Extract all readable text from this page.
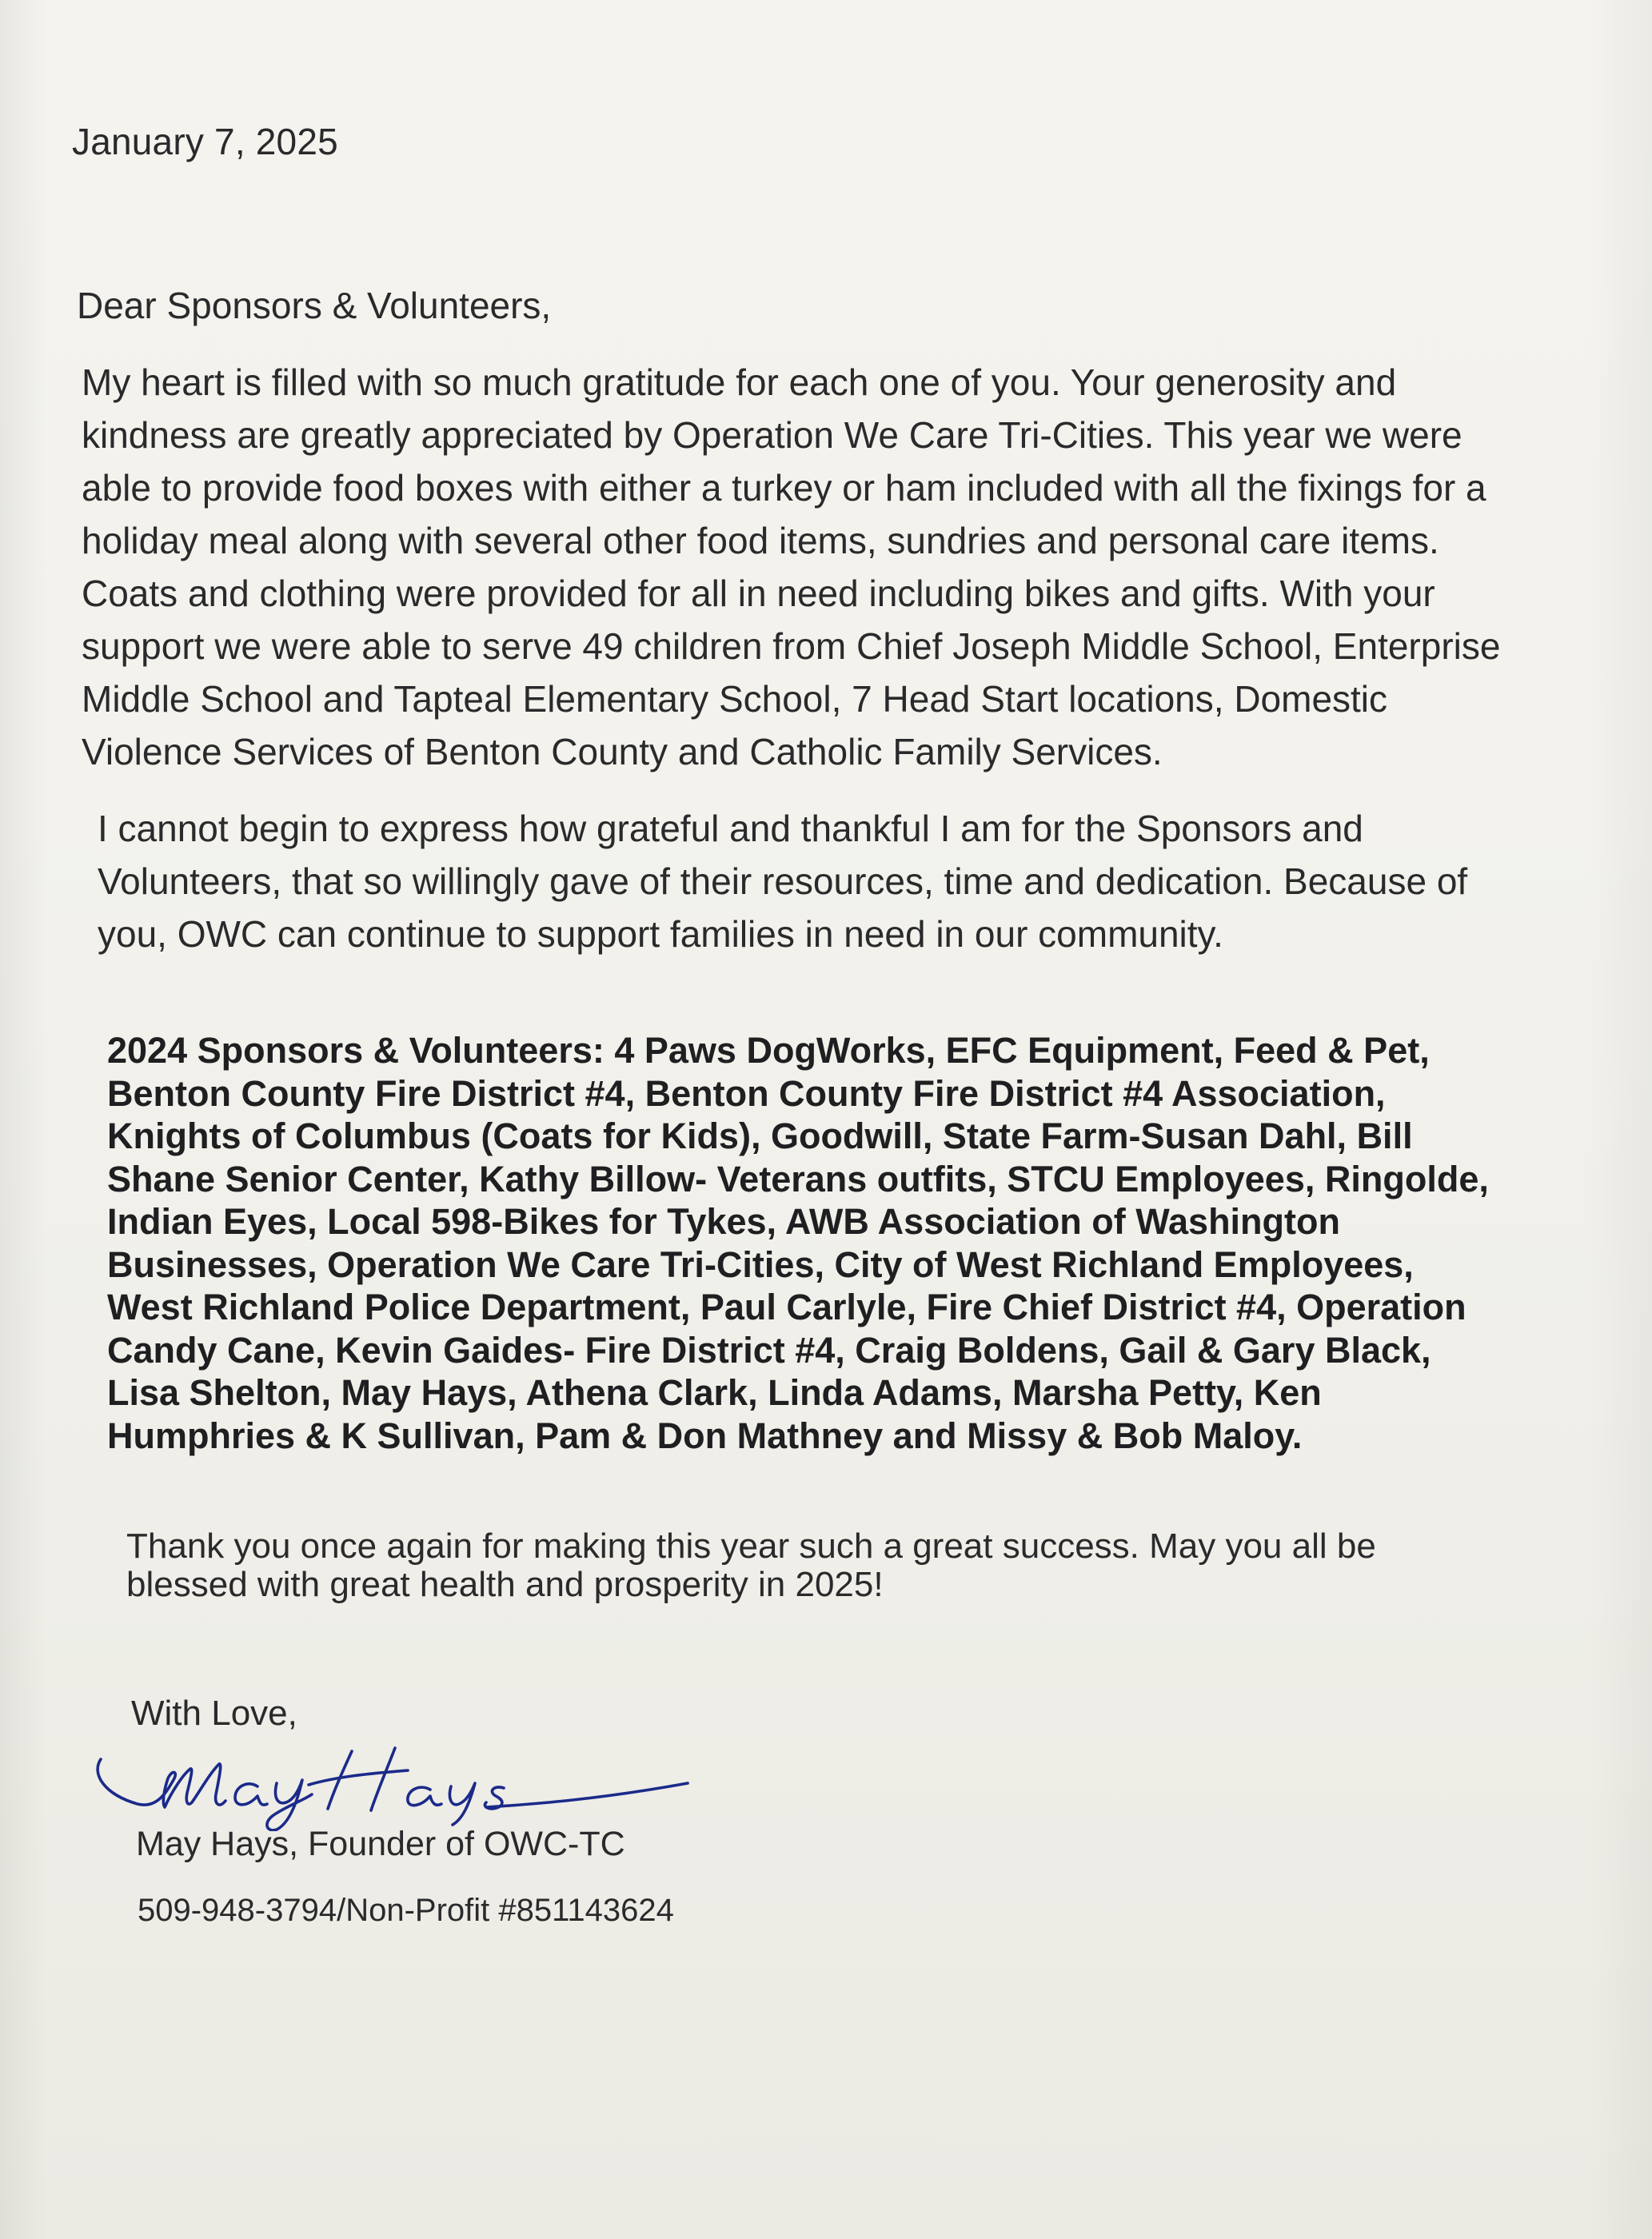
January 7, 2025
Dear Sponsors & Volunteers,

My heart is filled with so much gratitude for each one of you. Your generosity and
kindness are greatly appreciated by Operation We Care Tri-Cities. This year we were
able to provide food boxes with either a turkey or ham included with all the fixings for a
holiday meal along with several other food items, sundries and personal care items.
Coats and clothing were provided for all in need including bikes and gifts. With your
support we were able to serve 49 children from Chief Joseph Middle School, Enterprise
Middle School and Tapteal Elementary School, 7 Head Start locations, Domestic
Violence Services of Benton County and Catholic Family Services.

I cannot begin to express how grateful and thankful I am for the Sponsors and
Volunteers, that so willingly gave of their resources, time and dedication. Because of
you, OWC can continue to support families in need in our community.

2024 Sponsors & Volunteers: 4 Paws DogWorks, EFC Equipment, Feed & Pet,
Benton County Fire District #4, Benton County Fire District #4 Association,
Knights of Columbus (Coats for Kids), Goodwill, State Farm-Susan Dahl, Bill
Shane Senior Center, Kathy Billow- Veterans outfits, STCU Employees, Ringolde,
Indian Eyes, Local 598-Bikes for Tykes, AWB Association of Washington
Businesses, Operation We Care Tri-Cities, City of West Richland Employees,
West Richland Police Department, Paul Carlyle, Fire Chief District #4, Operation
Candy Cane, Kevin Gaides- Fire District #4, Craig Boldens, Gail & Gary Black,
Lisa Shelton, May Hays, Athena Clark, Linda Adams, Marsha Petty, Ken
Humphries & K Sullivan, Pam & Don Mathney and Missy & Bob Maloy.

Thank you once again for making this year such a great success. May you all be
blessed with great health and prosperity in 2025!

With Love,
May Hays, Founder of OWC-TC
509-948-3794/Non-Profit #851143624
